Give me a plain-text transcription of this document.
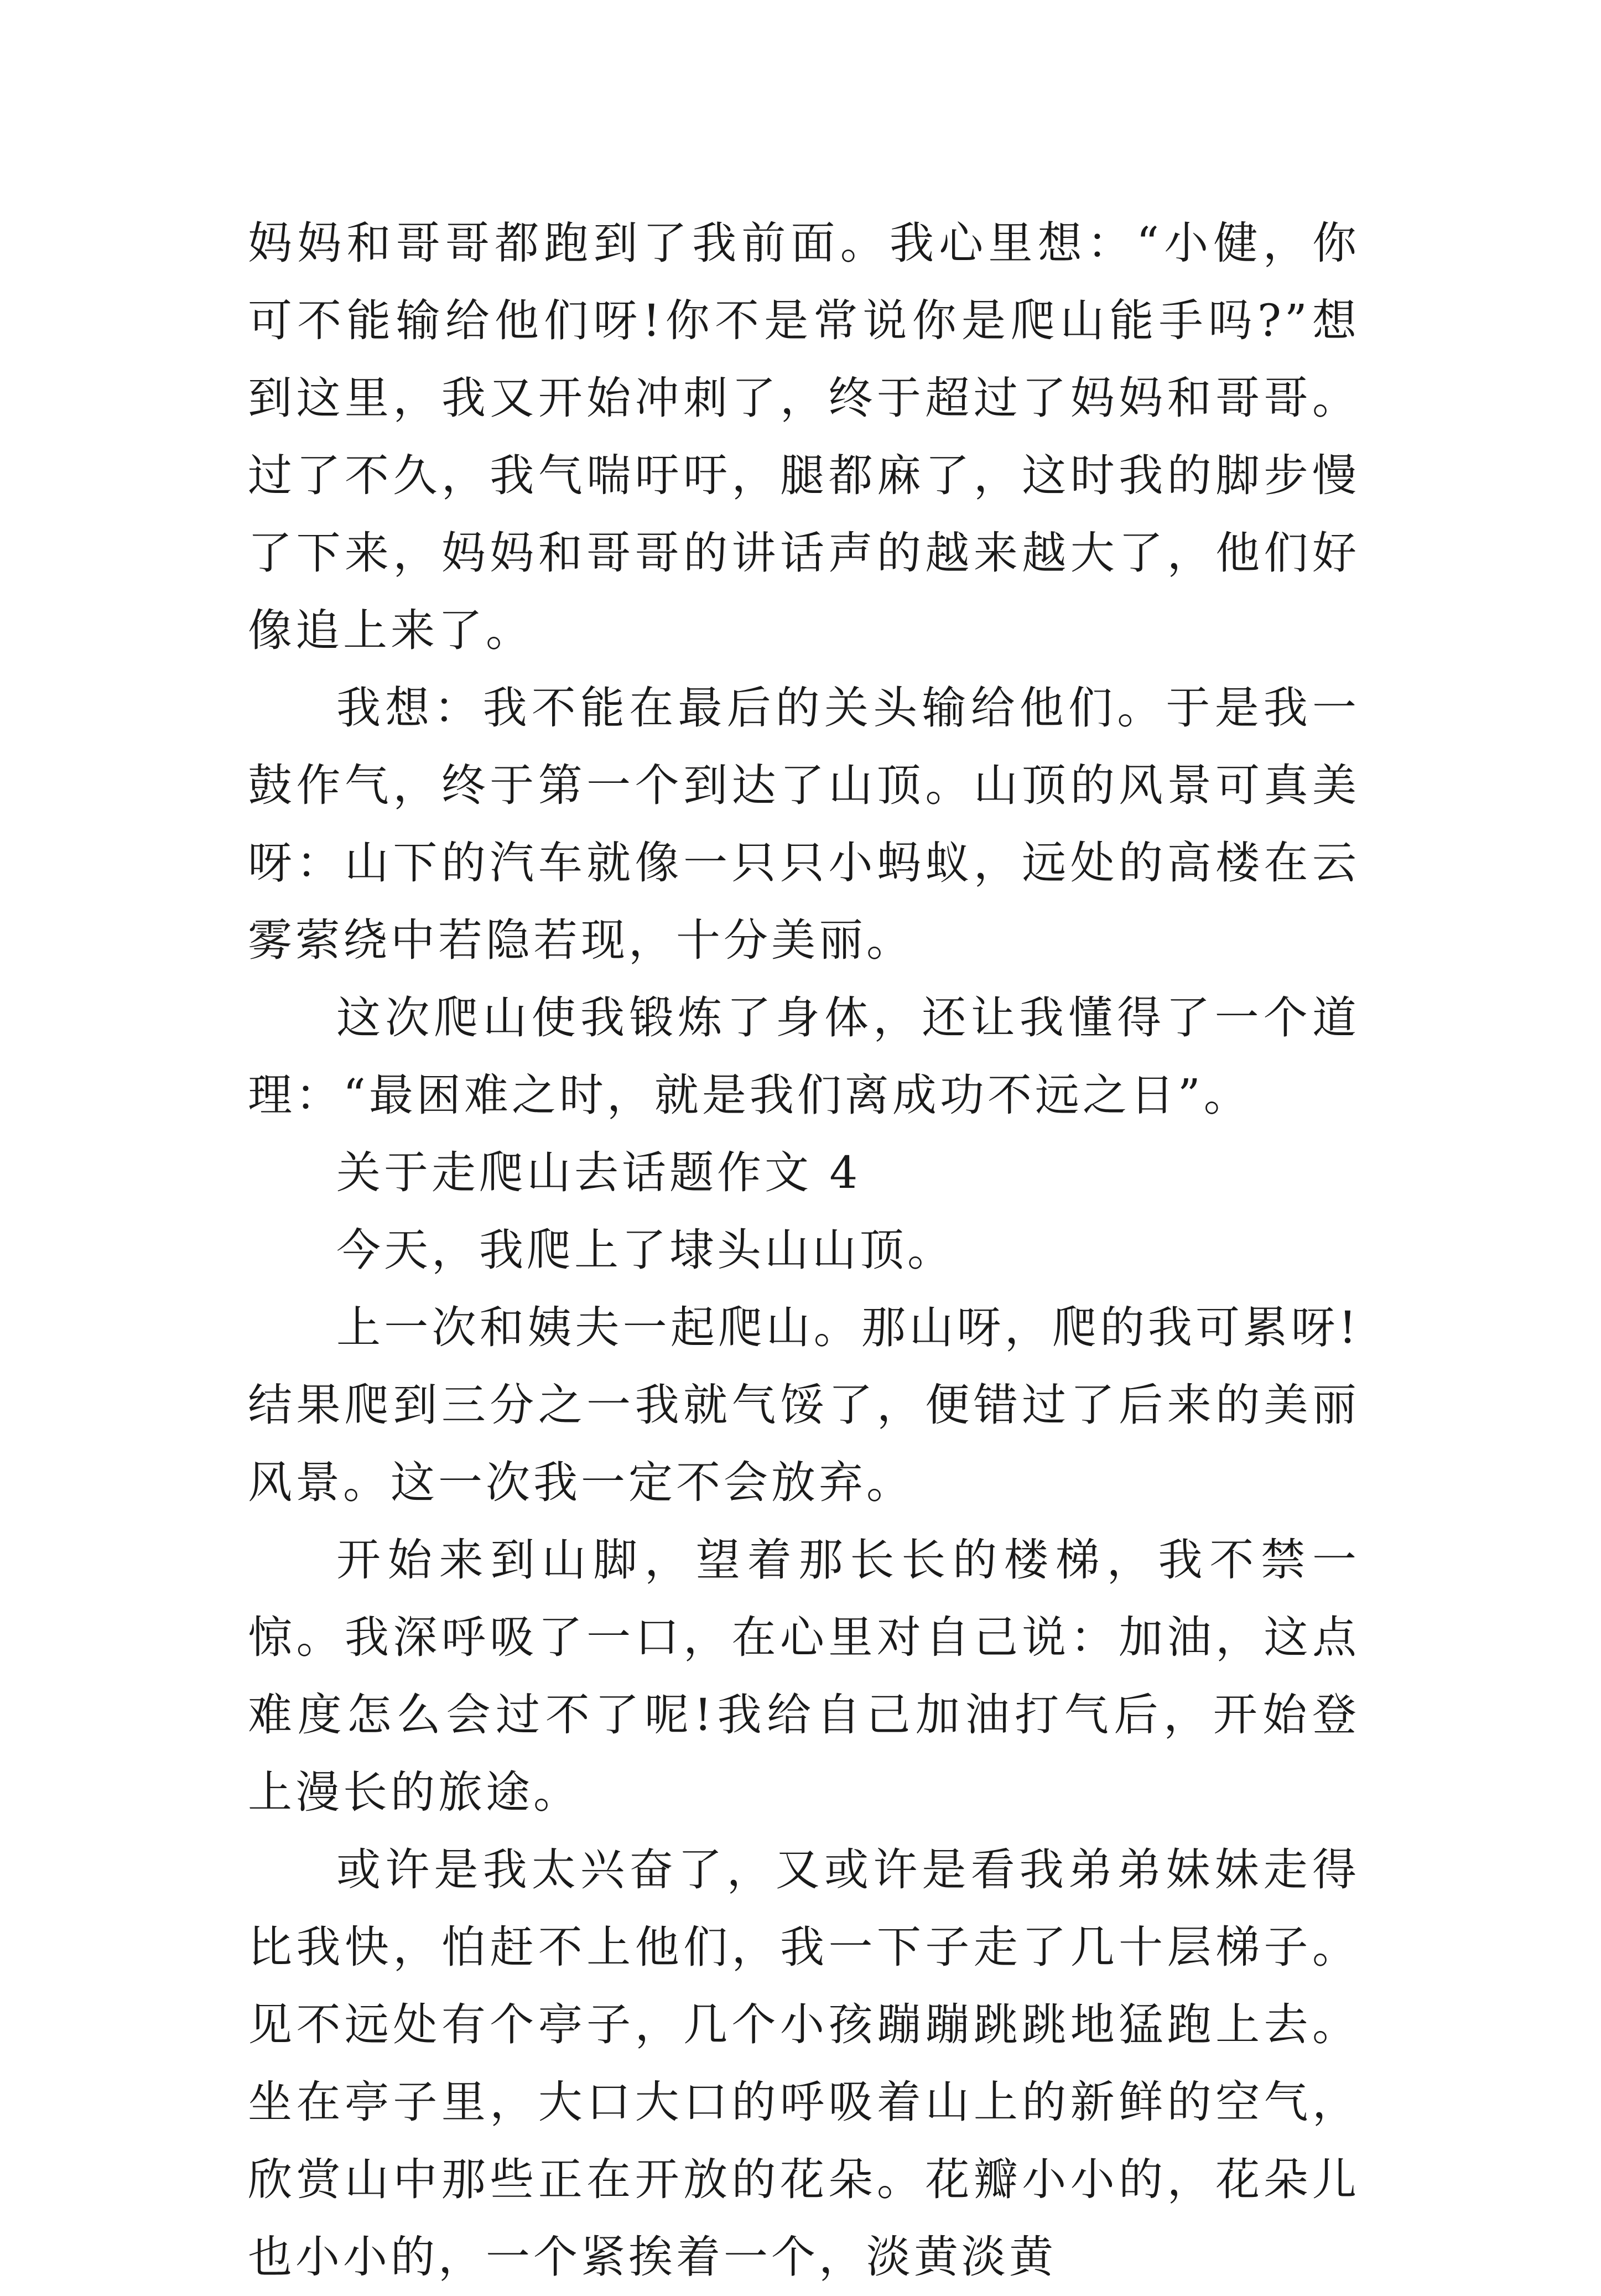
妈妈和哥哥都跑到了我前面。我心里想：“小健，你可不能输给他们呀!你不是常说你是爬山能手吗?”想到这里，我又开始冲刺了，终于超过了妈妈和哥哥。过了不久，我气喘吁吁，腿都麻了，这时我的脚步慢了下来，妈妈和哥哥的讲话声的越来越大了，他们好像追上来了。

我想：我不能在最后的关头输给他们。于是我一鼓作气，终于第一个到达了山顶。山顶的风景可真美呀：山下的汽车就像一只只小蚂蚁，远处的高楼在云雾萦绕中若隐若现，十分美丽。

这次爬山使我锻炼了身体，还让我懂得了一个道理：“最困难之时，就是我们离成功不远之日”。

关于走爬山去话题作文 4

今天，我爬上了埭头山山顶。

上一次和姨夫一起爬山。那山呀，爬的我可累呀!结果爬到三分之一我就气馁了，便错过了后来的美丽风景。这一次我一定不会放弃。

开始来到山脚，望着那长长的楼梯，我不禁一惊。我深呼吸了一口，在心里对自己说：加油，这点难度怎么会过不了呢!我给自己加油打气后，开始登上漫长的旅途。

或许是我太兴奋了，又或许是看我弟弟妹妹走得比我快，怕赶不上他们，我一下子走了几十层梯子。见不远处有个亭子，几个小孩蹦蹦跳跳地猛跑上去。坐在亭子里，大口大口的呼吸着山上的新鲜的空气，欣赏山中那些正在开放的花朵。花瓣小小的，花朵儿也小小的，一个紧挨着一个，淡黄淡黄
